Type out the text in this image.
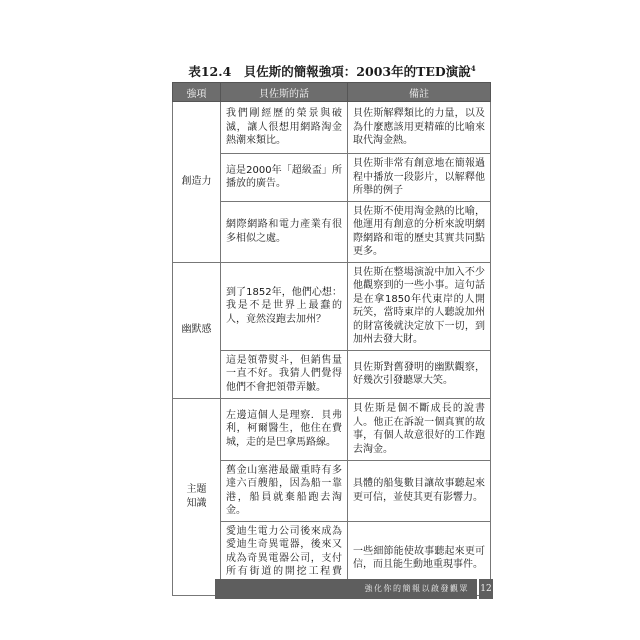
表12.4　貝佐斯的簡報強項：2003年的TED演說$^4$
強項	貝佐斯的話	備註
創造力	我們剛經歷的榮景與破滅，讓人很想用網路淘金熱潮來類比。	貝佐斯解釋類比的力量，以及為什麼應該用更精確的比喻來取代淘金熱。
	這是2000年「超級盃」所播放的廣告。	貝佐斯非常有創意地在簡報過程中播放一段影片，以解釋他所舉的例子
	網際網路和電力產業有很多相似之處。	貝佐斯不使用淘金熱的比喻，他運用有創意的分析來說明網際網路和電的歷史其實共同點更多。
幽默感	到了1852年，他們心想：我是不是世界上最蠢的人，竟然沒跑去加州？	貝佐斯在整場演說中加入不少他觀察到的一些小事。這句話是在拿1850年代東岸的人開玩笑，當時東岸的人聽說加州的財富後就決定放下一切，到加州去發大財。
	這是領帶熨斗，但銷售量一直不好。我猜人們覺得他們不會把領帶弄皺。	貝佐斯對舊發明的幽默觀察，好幾次引發聽眾大笑。
主題知識	左邊這個人是理察．貝弗利，柯爾醫生，他住在費城，走的是巴拿馬路線。	貝佐斯是個不斷成長的說書人。他正在訴說一個真實的故事，有個人故意很好的工作跑去淘金。
	舊金山塞港最嚴重時有多達六百艘船，因為船一靠港，船員就棄船跑去淘金。	具體的船隻數目讓故事聽起來更可信，並使其更有影響力。
	愛迪生電力公司後來成為愛迪生奇異電器，後來又成為奇異電器公司，支付所有街道的開挖工程費	一些細節能使故事聽起來更可信，而且能生動地重現事件。
強化你的簡報以啟發觀眾	12
